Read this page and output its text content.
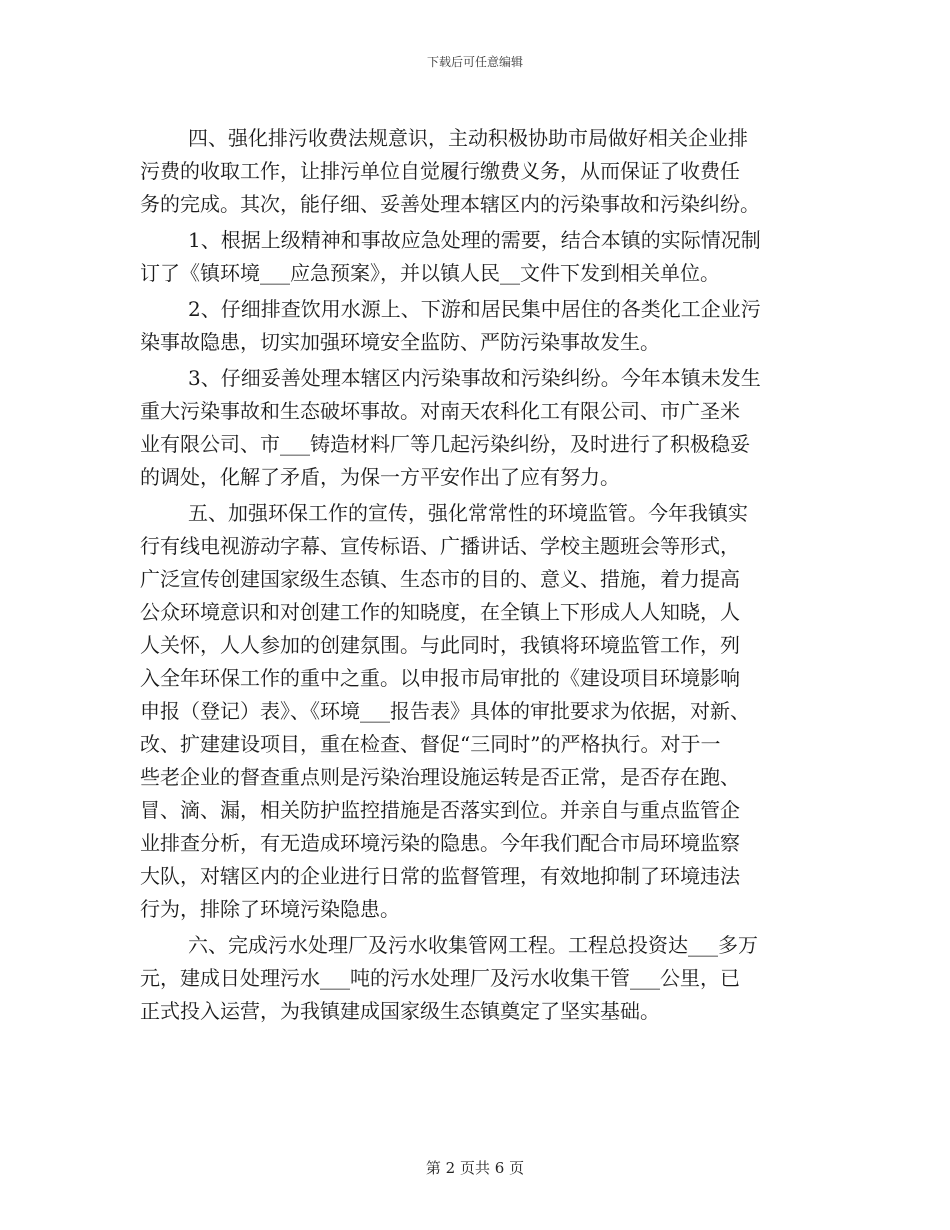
下载后可任意编辑
四、强化排污收费法规意识，主动积极协助市局做好相关企业排
污费的收取工作，让排污单位自觉履行缴费义务，从而保证了收费任
务的完成。其次，能仔细、妥善处理本辖区内的污染事故和污染纠纷。
1、根据上级精神和事故应急处理的需要，结合本镇的实际情况制
订了《镇环境___应急预案》，并以镇人民__文件下发到相关单位。
2、仔细排查饮用水源上、下游和居民集中居住的各类化工企业污
染事故隐患，切实加强环境安全监防、严防污染事故发生。
3、仔细妥善处理本辖区内污染事故和污染纠纷。今年本镇未发生
重大污染事故和生态破坏事故。对南天农科化工有限公司、市广圣米
业有限公司、市___铸造材料厂等几起污染纠纷，及时进行了积极稳妥
的调处，化解了矛盾，为保一方平安作出了应有努力。
五、加强环保工作的宣传，强化常常性的环境监管。今年我镇实
行有线电视游动字幕、宣传标语、广播讲话、学校主题班会等形式，
广泛宣传创建国家级生态镇、生态市的目的、意义、措施，着力提高
公众环境意识和对创建工作的知晓度，在全镇上下形成人人知晓，人
人关怀，人人参加的创建氛围。与此同时，我镇将环境监管工作，列
入全年环保工作的重中之重。以申报市局审批的《建设项目环境影响
申报（登记）表》、《环境___报告表》具体的审批要求为依据，对新、
改、扩建建设项目，重在检查、督促“三同时”的严格执行。对于一
些老企业的督查重点则是污染治理设施运转是否正常，是否存在跑、
冒、滴、漏，相关防护监控措施是否落实到位。并亲自与重点监管企
业排查分析，有无造成环境污染的隐患。今年我们配合市局环境监察
大队，对辖区内的企业进行日常的监督管理，有效地抑制了环境违法
行为，排除了环境污染隐患。
六、完成污水处理厂及污水收集管网工程。工程总投资达___多万
元，建成日处理污水___吨的污水处理厂及污水收集干管___公里，已
正式投入运营，为我镇建成国家级生态镇奠定了坚实基础。
第 2 页共 6 页
